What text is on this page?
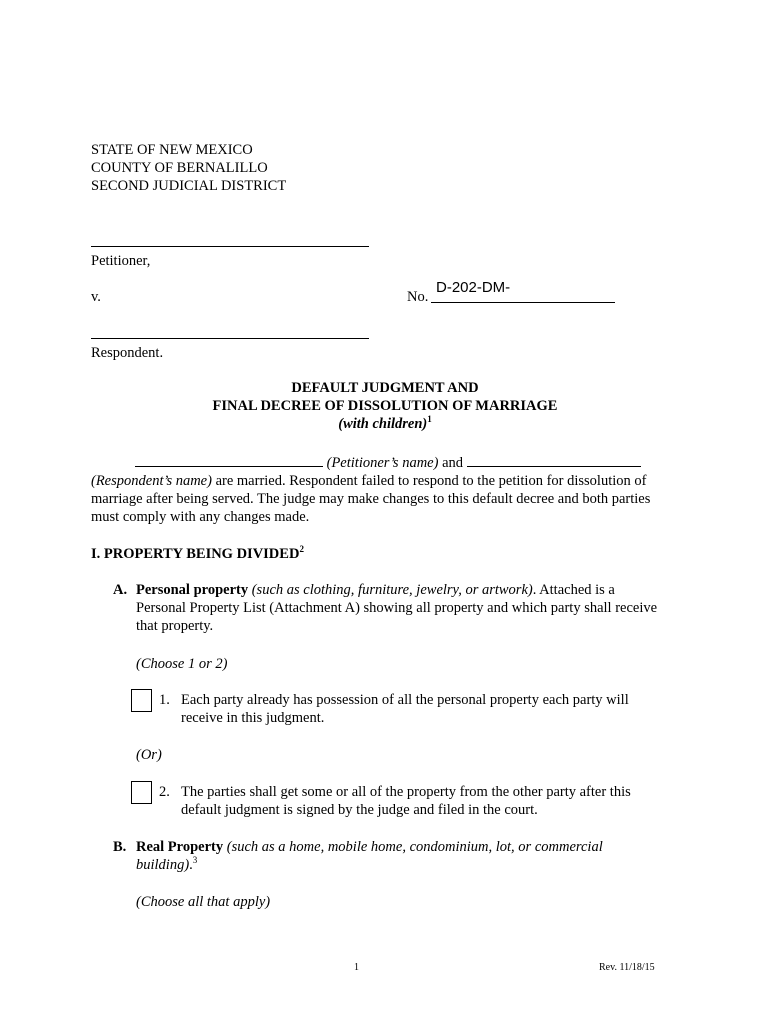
STATE OF NEW MEXICO
COUNTY OF BERNALILLO
SECOND JUDICIAL DISTRICT
Petitioner,
v.
D-202-DM-
No.
Respondent.
DEFAULT JUDGMENT AND
FINAL DECREE OF DISSOLUTION OF MARRIAGE
(with children)$^1$
(Petitioner’s name) and
(Respondent’s name) are married. Respondent failed to respond to the petition for dissolution of
marriage after being served. The judge may make changes to this default decree and both parties
must comply with any changes made.
I. PROPERTY BEING DIVIDED$^2$
A. Personal property (such as clothing, furniture, jewelry, or artwork). Attached is a
Personal Property List (Attachment A) showing all property and which party shall receive
that property.
(Choose 1 or 2)
1. Each party already has possession of all the personal property each party will
receive in this judgment.
(Or)
2. The parties shall get some or all of the property from the other party after this
default judgment is signed by the judge and filed in the court.
B. Real Property (such as a home, mobile home, condominium, lot, or commercial
building).$^3$
(Choose all that apply)
1	Rev. 11/18/15
